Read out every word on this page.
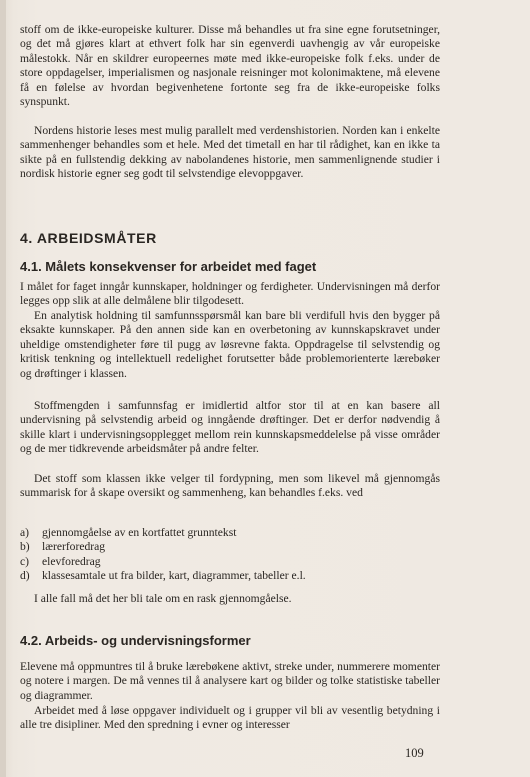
stoff om de ikke-europeiske kulturer. Disse må behandles ut fra sine egne forutsetninger, og det må gjøres klart at ethvert folk har sin egenverdi uavhengig av vår europeiske målestokk. Når en skildrer europeernes møte med ikke-europeiske folk f.eks. under de store oppdagelser, imperialismen og nasjonale reisninger mot kolonimaktene, må elevene få en følelse av hvordan begivenhetene fortonte seg fra de ikke-europeiske folks synspunkt.

Nordens historie leses mest mulig parallelt med verdenshistorien. Norden kan i enkelte sammenhenger behandles som et hele. Med det timetall en har til rådighet, kan en ikke ta sikte på en fullstendig dekking av nabolandenes historie, men sammenlignende studier i nordisk historie egner seg godt til selvstendige elevoppgaver.

4. ARBEIDSMÅTER
4.1. Målets konsekvenser for arbeidet med faget

I målet for faget inngår kunnskaper, holdninger og ferdigheter. Undervisningen må derfor legges opp slik at alle delmålene blir tilgodesett.

En analytisk holdning til samfunnsspørsmål kan bare bli verdifull hvis den bygger på eksakte kunnskaper. På den annen side kan en overbetoning av kunnskapskravet under uheldige omstendigheter føre til pugg av løsrevne fakta. Oppdragelse til selvstendig og kritisk tenkning og intellektuell redelighet forutsetter både problemorienterte lærebøker og drøftinger i klassen.

Stoffmengden i samfunnsfag er imidlertid altfor stor til at en kan basere all undervisning på selvstendig arbeid og inngående drøftinger. Det er derfor nødvendig å skille klart i undervisningsopplegget mellom rein kunnskapsmeddelelse på visse områder og de mer tidkrevende arbeidsmåter på andre felter.

Det stoff som klassen ikke velger til fordypning, men som likevel må gjennomgås summarisk for å skape oversikt og sammenheng, kan behandles f.eks. ved

a)	gjennomgåelse av en kortfattet grunntekst
b)	lærerforedrag
c)	elevforedrag
d)	klassesamtale ut fra bilder, kart, diagrammer, tabeller e.l.

I alle fall må det her bli tale om en rask gjennomgåelse.

4.2. Arbeids- og undervisningsformer

Elevene må oppmuntres til å bruke lærebøkene aktivt, streke under, nummerere momenter og notere i margen. De må vennes til å analysere kart og bilder og tolke statistiske tabeller og diagrammer.

Arbeidet med å løse oppgaver individuelt og i grupper vil bli av vesentlig betydning i alle tre disipliner. Med den spredning i evner og interesser

109
